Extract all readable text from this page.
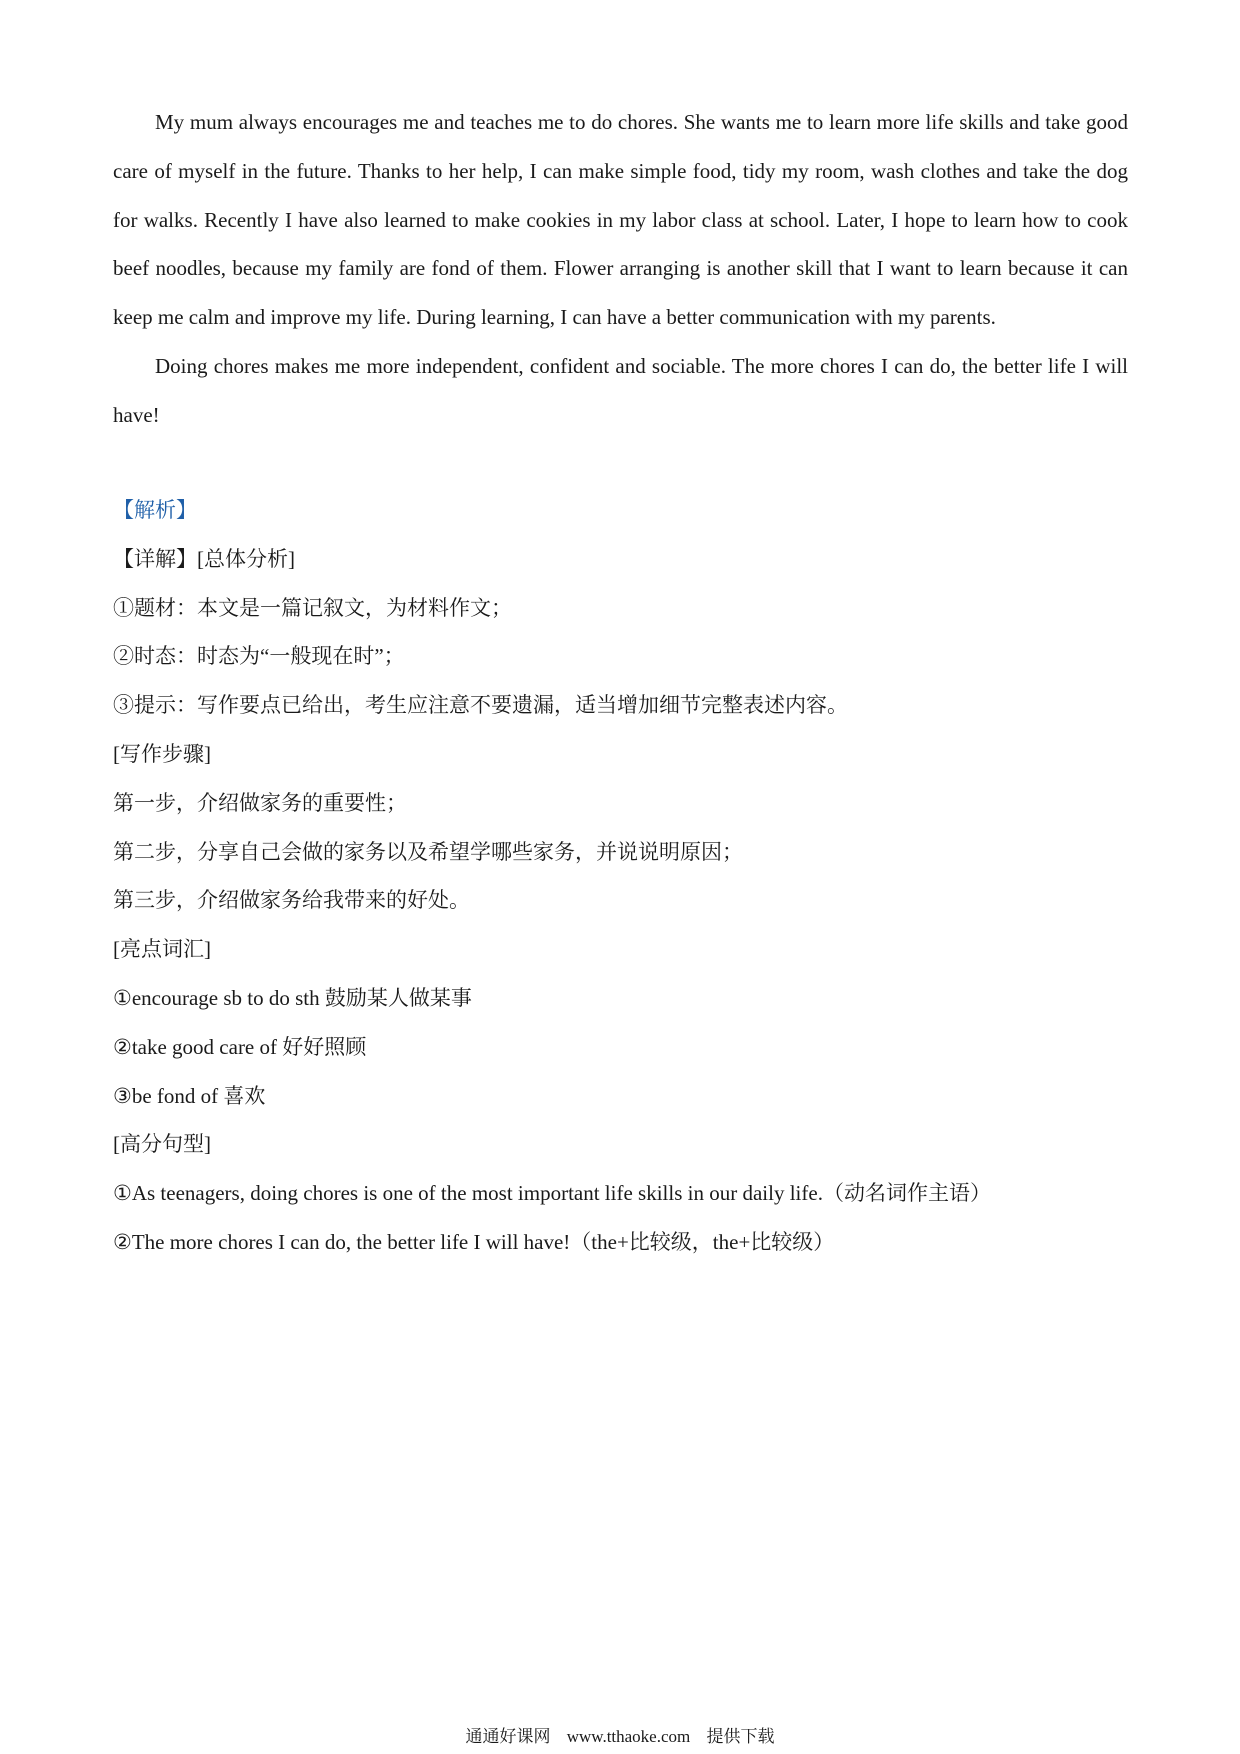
My mum always encourages me and teaches me to do chores. She wants me to learn more life skills and take good care of myself in the future. Thanks to her help, I can make simple food, tidy my room, wash clothes and take the dog for walks. Recently I have also learned to make cookies in my labor class at school. Later, I hope to learn how to cook beef noodles, because my family are fond of them. Flower arranging is another skill that I want to learn because it can keep me calm and improve my life. During learning, I can have a better communication with my parents.

Doing chores makes me more independent, confident and sociable. The more chores I can do, the better life I will have!

【解析】
【详解】[总体分析]
①题材：本文是一篇记叙文，为材料作文；
②时态：时态为“一般现在时”；
③提示：写作要点已给出，考生应注意不要遗漏，适当增加细节完整表述内容。
[写作步骤]
第一步，介绍做家务的重要性；
第二步，分享自己会做的家务以及希望学哪些家务，并说说明原因；
第三步，介绍做家务给我带来的好处。
[亮点词汇]
①encourage sb to do sth 鼓励某人做某事
②take good care of 好好照顾
③be fond of 喜欢
[高分句型]
①As teenagers, doing chores is one of the most important life skills in our daily life.（动名词作主语）
②The more chores I can do, the better life I will have!（the+比较级，the+比较级）
通通好课网 www.tthaoke.com 提供下载
